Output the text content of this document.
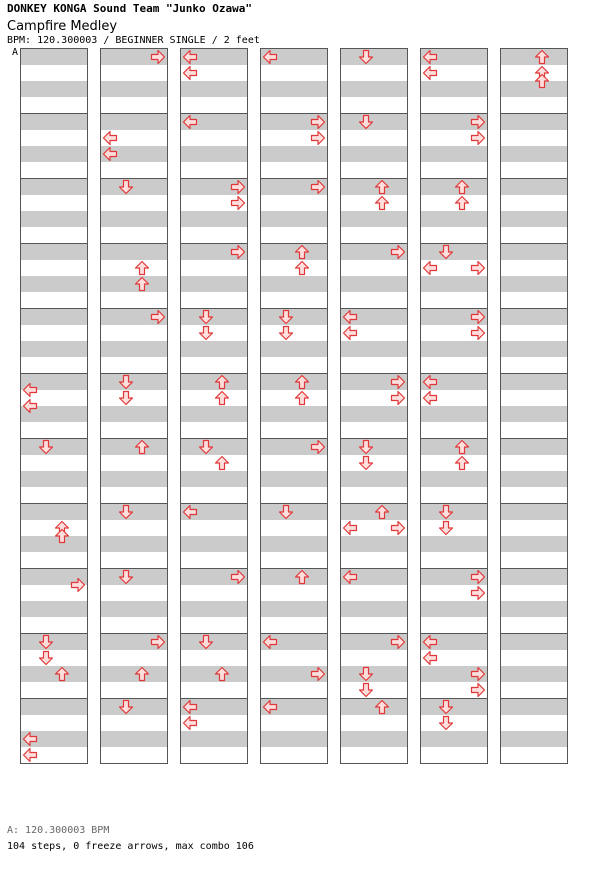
DONKEY KONGA Sound Team "Junko Ozawa"
Campfire Medley
BPM: 120.300003 / BEGINNER SINGLE / 2 feet
A
A: 120.300003 BPM
104 steps, 0 freeze arrows, max combo 106
